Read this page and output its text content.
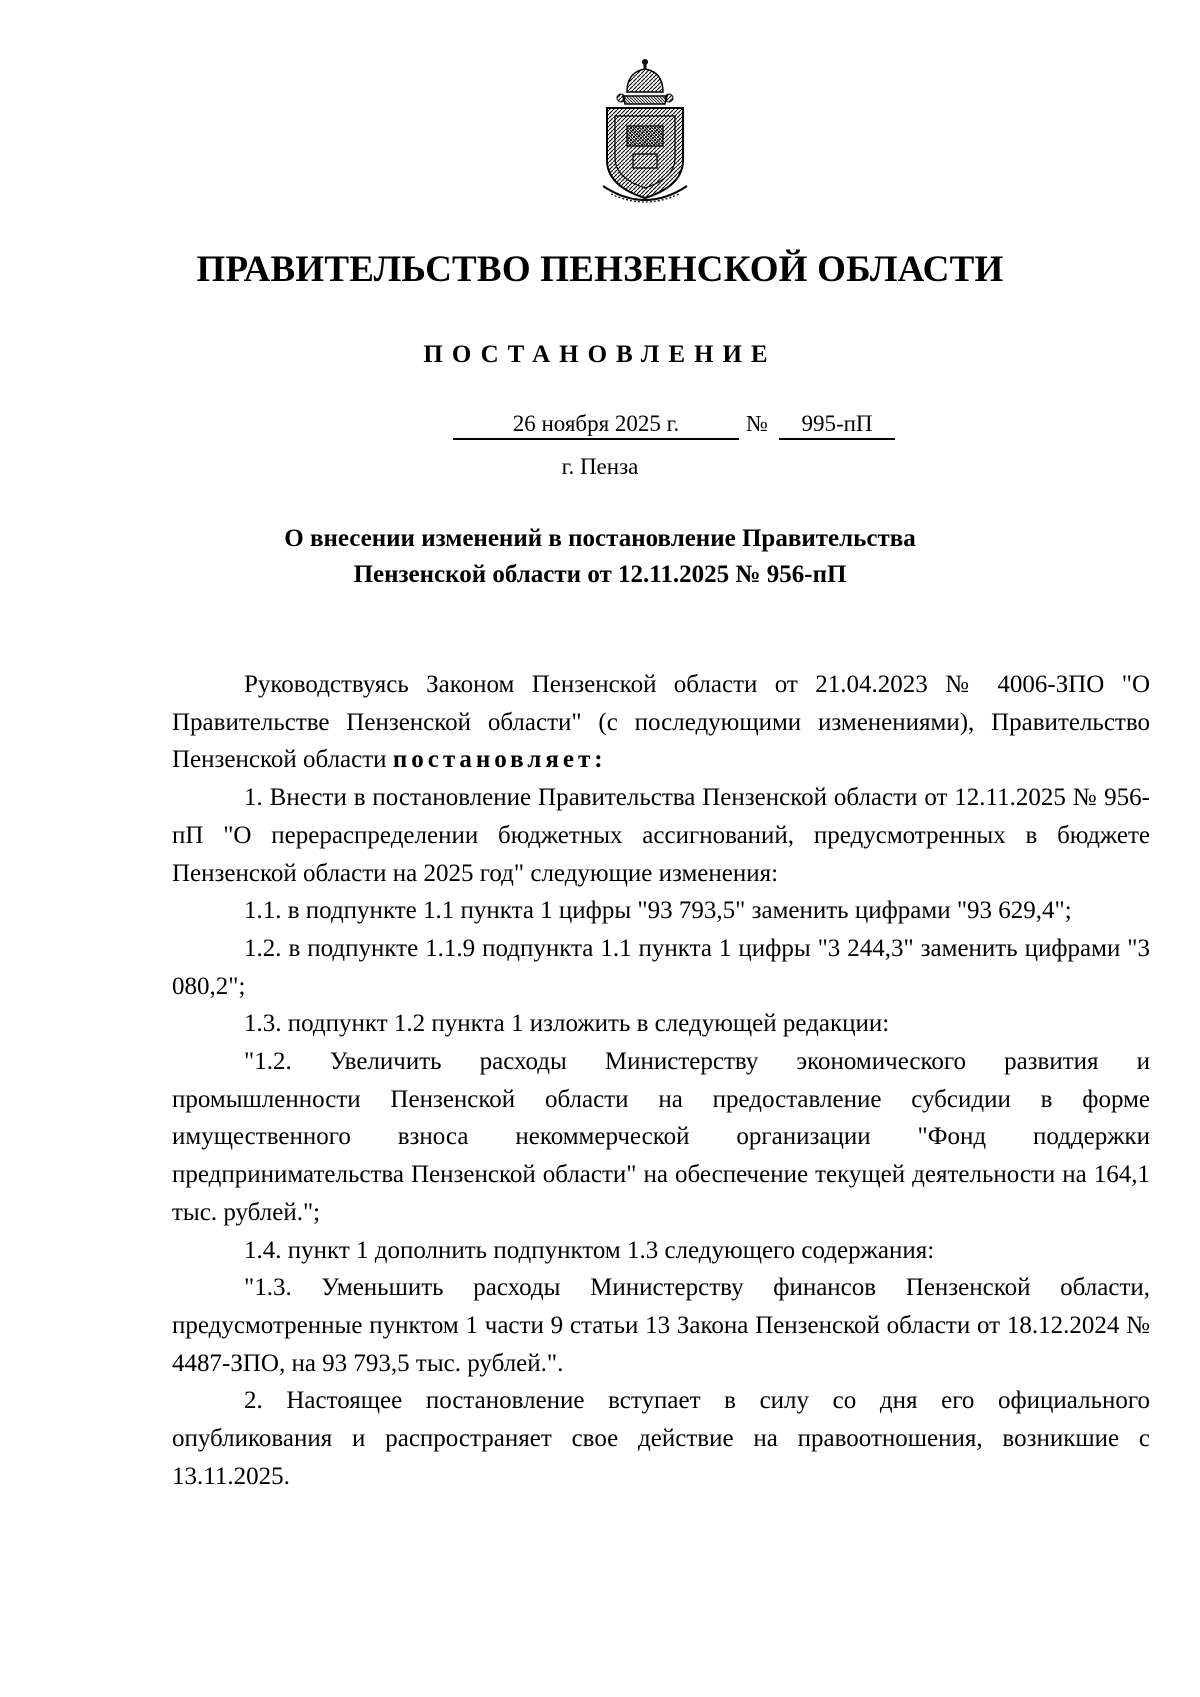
ПРАВИТЕЛЬСТВО ПЕНЗЕНСКОЙ ОБЛАСТИ
ПОСТАНОВЛЕНИЕ
26 ноября 2025 г.	№	995-пП
г. Пенза
О внесении изменений в постановление Правительства
Пензенской области от 12.11.2025 № 956-пП

Руководствуясь Законом Пензенской области от 21.04.2023 № 4006-ЗПО "О Правительстве Пензенской области" (с последующими изменениями), Правительство Пензенской области постановляет:

1. Внести в постановление Правительства Пензенской области от 12.11.2025 № 956-пП "О перераспределении бюджетных ассигнований, предусмотренных в бюджете Пензенской области на 2025 год" следующие изменения:

1.1. в подпункте 1.1 пункта 1 цифры "93 793,5" заменить цифрами "93 629,4";

1.2. в подпункте 1.1.9 подпункта 1.1 пункта 1 цифры "3 244,3" заменить цифрами "3 080,2";

1.3. подпункт 1.2 пункта 1 изложить в следующей редакции:

"1.2. Увеличить расходы Министерству экономического развития и промышленности Пензенской области на предоставление субсидии в форме имущественного взноса некоммерческой организации "Фонд поддержки предпринимательства Пензенской области" на обеспечение текущей деятельности на 164,1 тыс. рублей.";

1.4. пункт 1 дополнить подпунктом 1.3 следующего содержания:

"1.3. Уменьшить расходы Министерству финансов Пензенской области, предусмотренные пунктом 1 части 9 статьи 13 Закона Пензенской области от 18.12.2024 № 4487-ЗПО, на 93 793,5 тыс. рублей.".

2. Настоящее постановление вступает в силу со дня его официального опубликования и распространяет свое действие на правоотношения, возникшие с 13.11.2025.
